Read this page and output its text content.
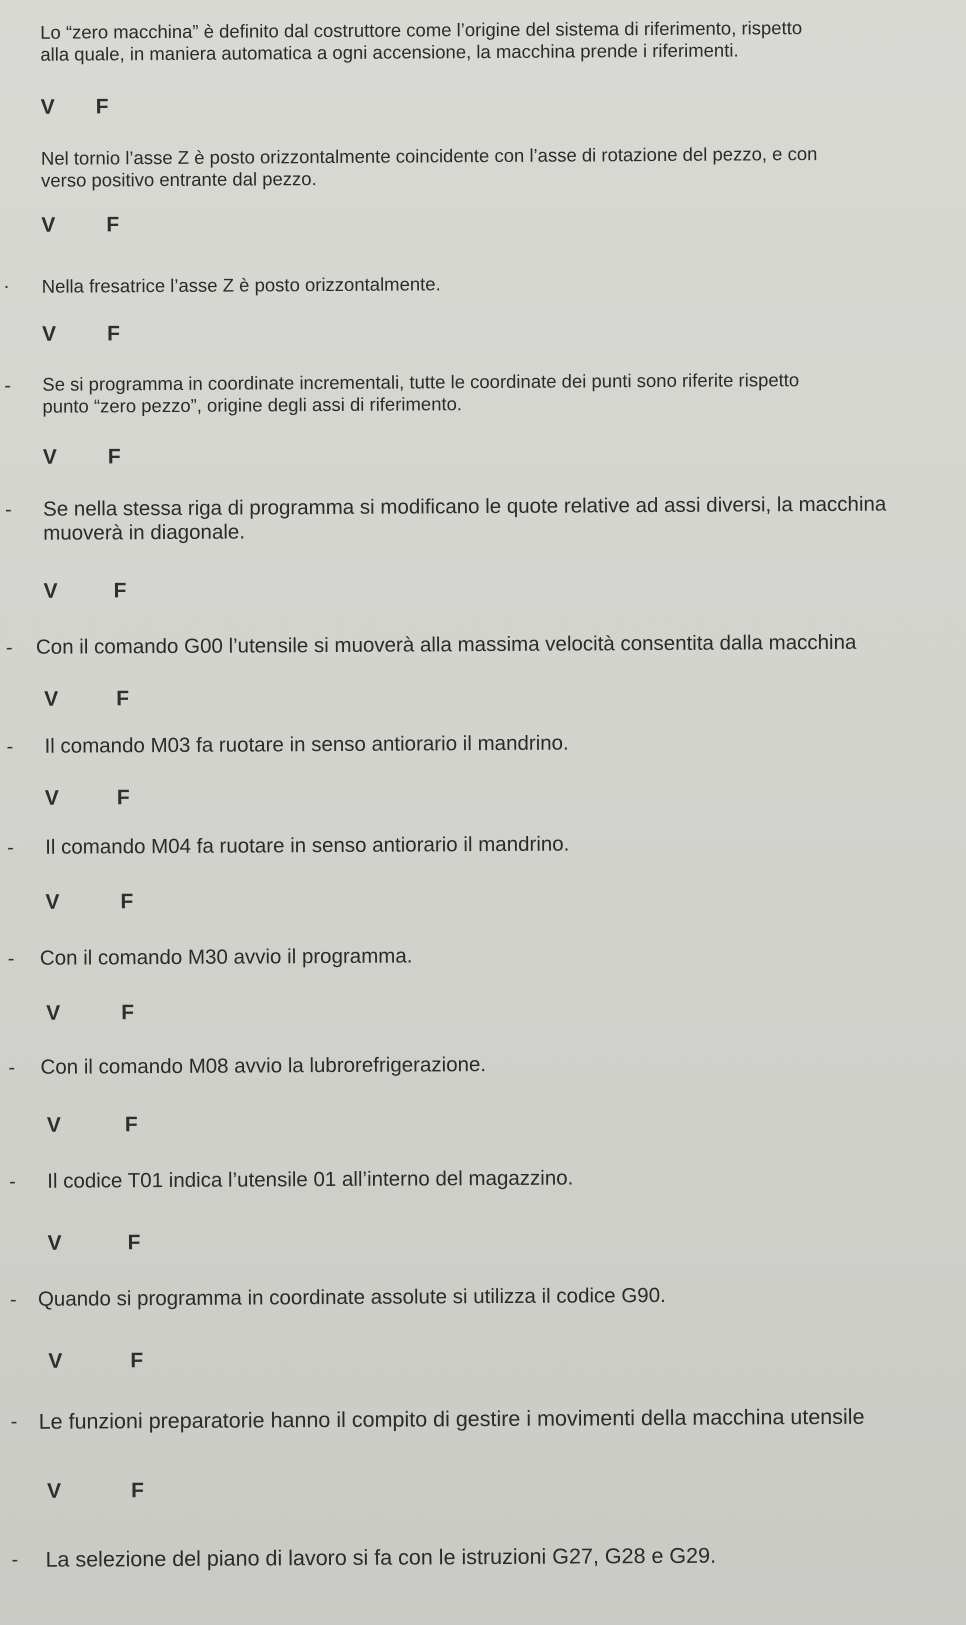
Lo “zero macchina” è definito dal costruttore come l’origine del sistema di riferimento, rispetto
alla quale, in maniera automatica a ogni accensione, la macchina prende i riferimenti.
V F
Nel tornio l’asse Z è posto orizzontalmente coincidente con l’asse di rotazione del pezzo, e con
verso positivo entrante dal pezzo.
V F
. Nella fresatrice l’asse Z è posto orizzontalmente.
V F
- Se si programma in coordinate incrementali, tutte le coordinate dei punti sono riferite rispetto
punto “zero pezzo”, origine degli assi di riferimento.
V F
- Se nella stessa riga di programma si modificano le quote relative ad assi diversi, la macchina
muoverà in diagonale.
V	F
- Con il comando G00 l’utensile si muoverà alla massima velocità consentita dalla macchina
V	F
- Il comando M03 fa ruotare in senso antiorario il mandrino.
V	F
- Il comando M04 fa ruotare in senso antiorario il mandrino.
V	F
- Con il comando M30 avvio il programma.
V	F
- Con il comando M08 avvio la lubrorefrigerazione.
V	F
- Il codice T01 indica l’utensile 01 all’interno del magazzino.
V	F
- Quando si programma in coordinate assolute si utilizza il codice G90.
V	F
- Le funzioni preparatorie hanno il compito di gestire i movimenti della macchina utensile
V	F
- La selezione del piano di lavoro si fa con le istruzioni G27, G28 e G29.
